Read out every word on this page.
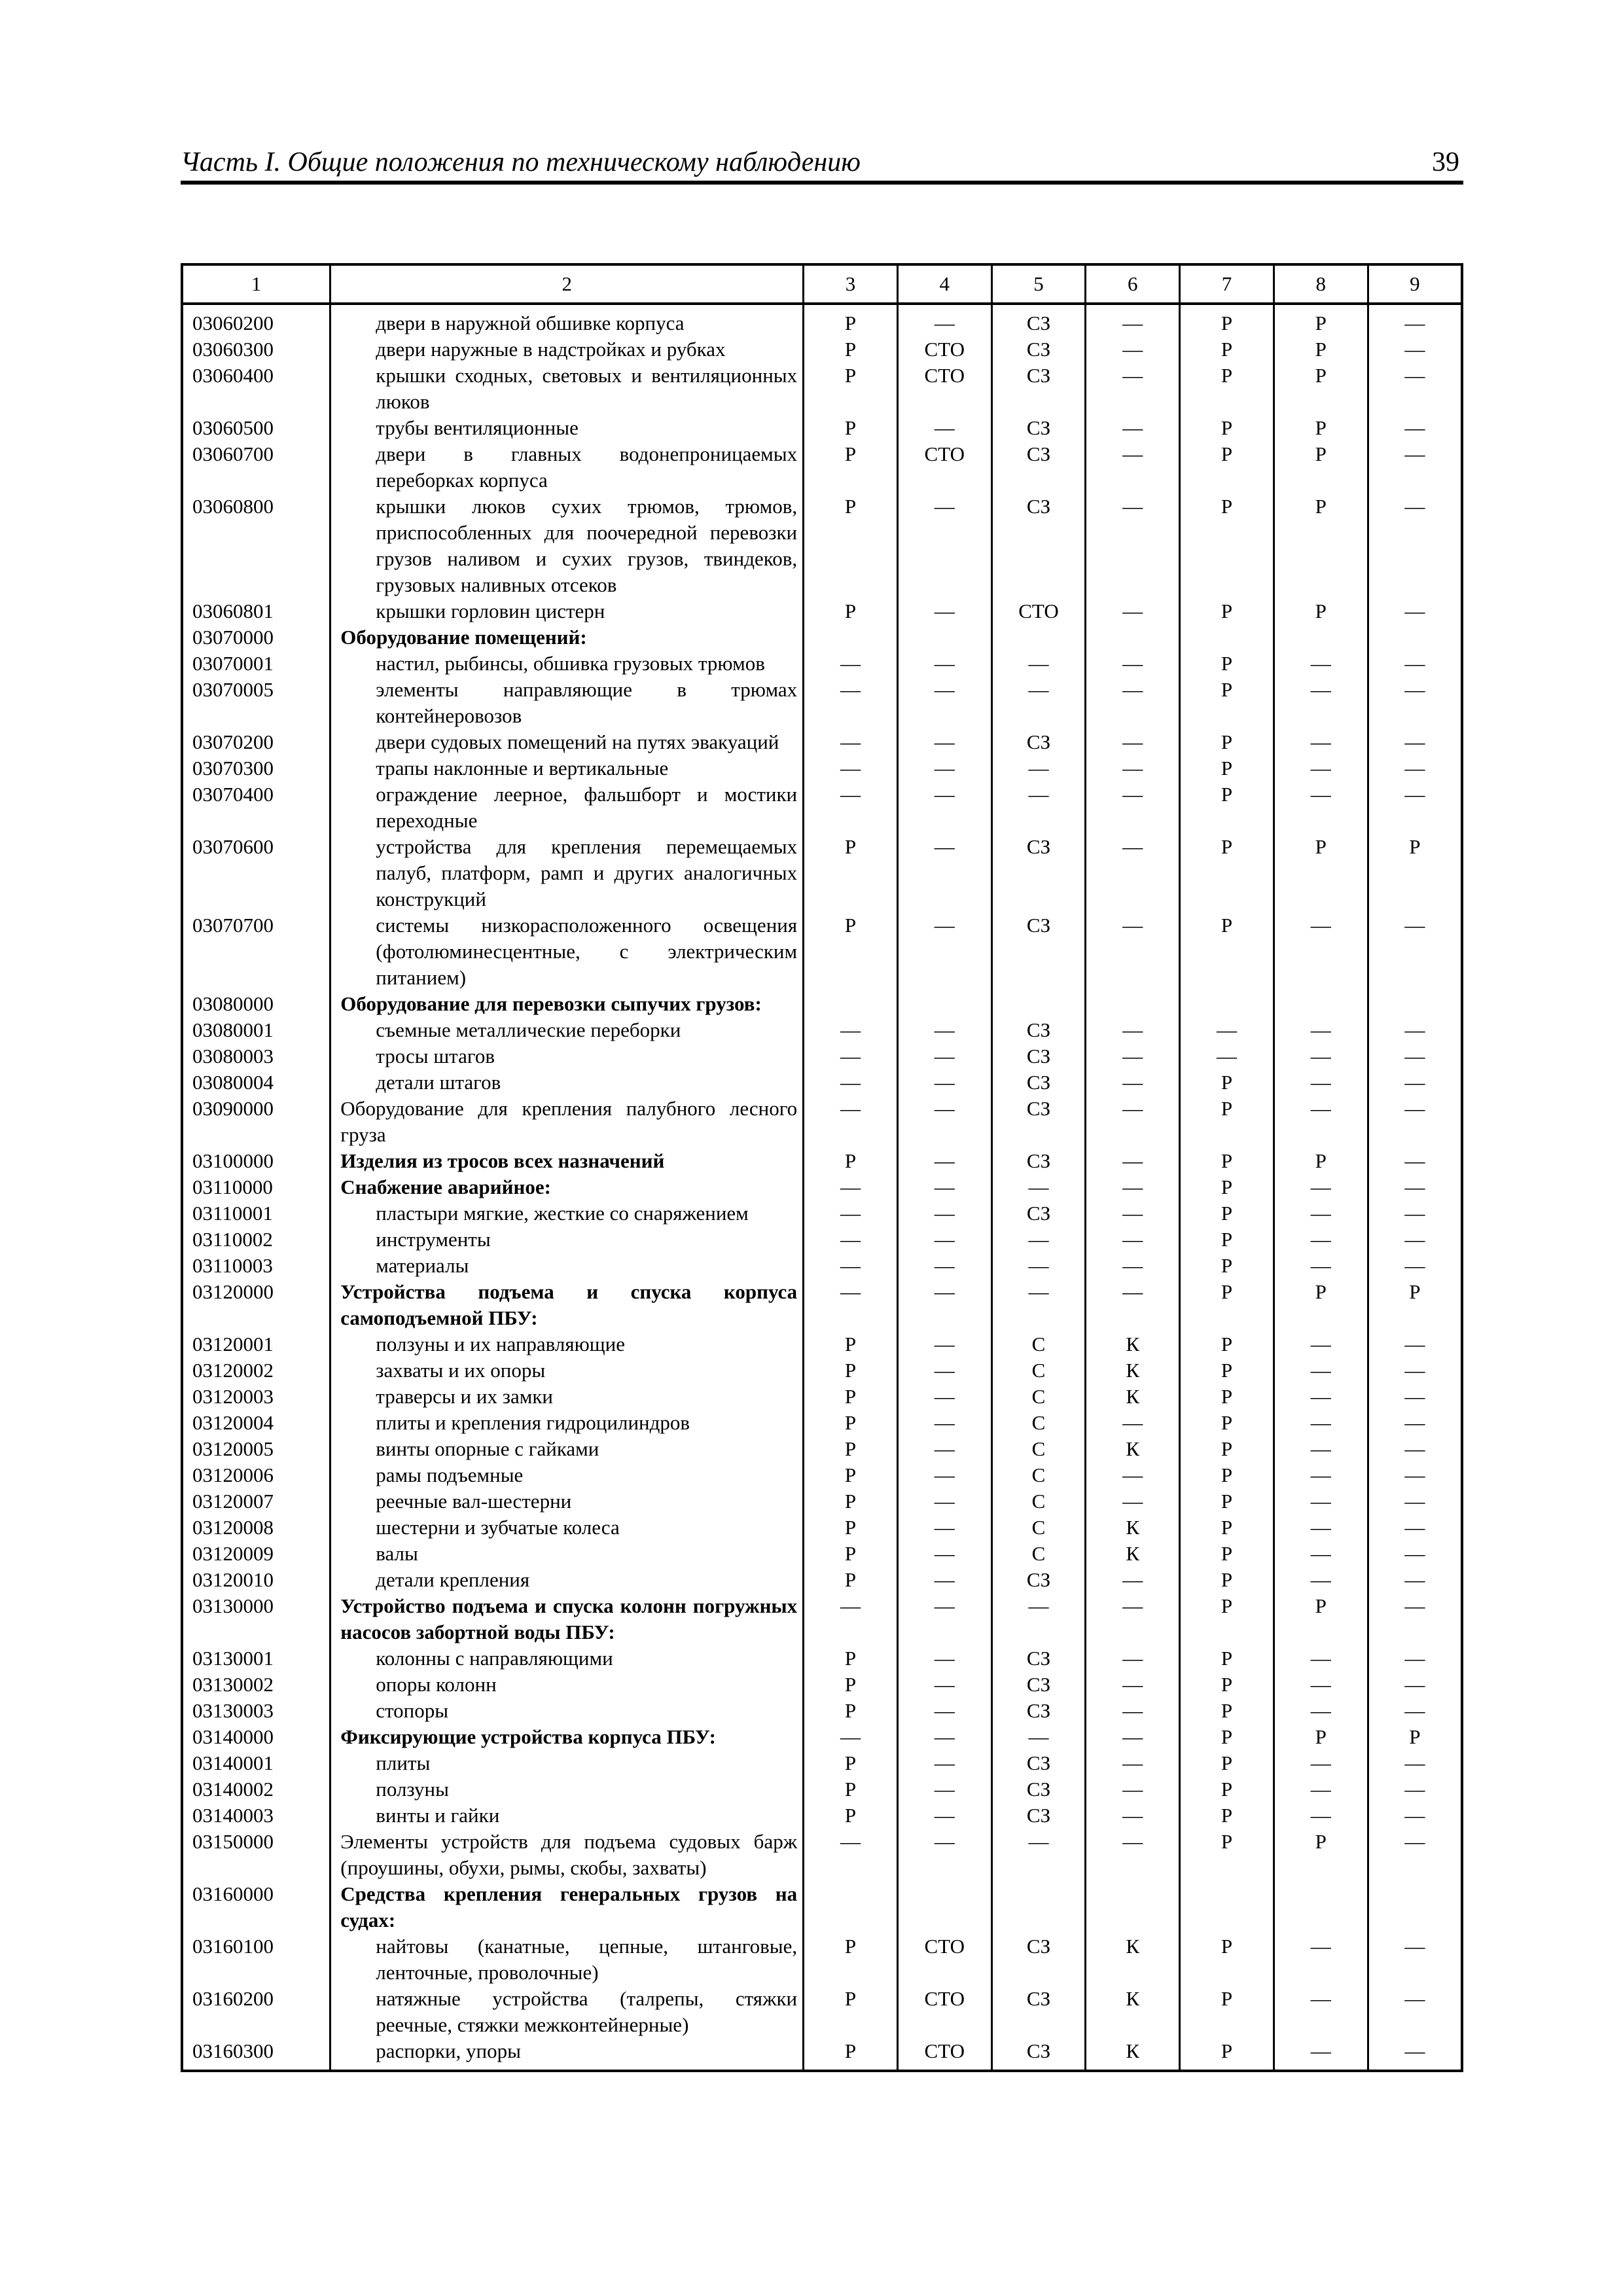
Часть I. Общие положения по техническому наблюдению	39
1	2	3	4	5	6	7	8	9
03060200	двери в наружной обшивке корпуса	Р	—	СЗ	—	Р	Р	—
03060300	двери наружные в надстройках и рубках	Р	СТО	СЗ	—	Р	Р	—
03060400	крышки сходных, световых и вентиляционных люков	Р	СТО	СЗ	—	Р	Р	—
03060500	трубы вентиляционные	Р	—	СЗ	—	Р	Р	—
03060700	двери в главных водонепроницаемых переборках корпуса	Р	СТО	СЗ	—	Р	Р	—
03060800	крышки люков сухих трюмов, трюмов, приспособленных для поочередной перевозки грузов наливом и сухих грузов, твиндеков, грузовых наливных отсеков	Р	—	СЗ	—	Р	Р	—
03060801	крышки горловин цистерн	Р	—	СТО	—	Р	Р	—
03070000	Оборудование помещений:							
03070001	настил, рыбинсы, обшивка грузовых трюмов	—	—	—	—	Р	—	—
03070005	элементы направляющие в трюмах контейнеровозов	—	—	—	—	Р	—	—
03070200	двери судовых помещений на путях эвакуаций	—	—	СЗ	—	Р	—	—
03070300	трапы наклонные и вертикальные	—	—	—	—	Р	—	—
03070400	ограждение леерное, фальшборт и мостики переходные	—	—	—	—	Р	—	—
03070600	устройства для крепления перемещаемых палуб, платформ, рамп и других аналогичных конструкций	Р	—	СЗ	—	Р	Р	Р
03070700	системы низкорасположенного освещения (фотолюминесцентные, с электрическим питанием)	Р	—	СЗ	—	Р	—	—
03080000	Оборудование для перевозки сыпучих грузов:							
03080001	съемные металлические переборки	—	—	СЗ	—	—	—	—
03080003	тросы штагов	—	—	СЗ	—	—	—	—
03080004	детали штагов	—	—	СЗ	—	Р	—	—
03090000	Оборудование для крепления палубного лесного груза	—	—	СЗ	—	Р	—	—
03100000	Изделия из тросов всех назначений	Р	—	СЗ	—	Р	Р	—
03110000	Снабжение аварийное:	—	—	—	—	Р	—	—
03110001	пластыри мягкие, жесткие со снаряжением	—	—	СЗ	—	Р	—	—
03110002	инструменты	—	—	—	—	Р	—	—
03110003	материалы	—	—	—	—	Р	—	—
03120000	Устройства подъема и спуска корпуса самоподъемной ПБУ:	—	—	—	—	Р	Р	Р
03120001	ползуны и их направляющие	Р	—	С	К	Р	—	—
03120002	захваты и их опоры	Р	—	С	К	Р	—	—
03120003	траверсы и их замки	Р	—	С	К	Р	—	—
03120004	плиты и крепления гидроцилиндров	Р	—	С	—	Р	—	—
03120005	винты опорные с гайками	Р	—	С	К	Р	—	—
03120006	рамы подъемные	Р	—	С	—	Р	—	—
03120007	реечные вал-шестерни	Р	—	С	—	Р	—	—
03120008	шестерни и зубчатые колеса	Р	—	С	К	Р	—	—
03120009	валы	Р	—	С	К	Р	—	—
03120010	детали крепления	Р	—	СЗ	—	Р	—	—
03130000	Устройство подъема и спуска колонн погружных насосов забортной воды ПБУ:	—	—	—	—	Р	Р	—
03130001	колонны с направляющими	Р	—	СЗ	—	Р	—	—
03130002	опоры колонн	Р	—	СЗ	—	Р	—	—
03130003	стопоры	Р	—	СЗ	—	Р	—	—
03140000	Фиксирующие устройства корпуса ПБУ:	—	—	—	—	Р	Р	Р
03140001	плиты	Р	—	СЗ	—	Р	—	—
03140002	ползуны	Р	—	СЗ	—	Р	—	—
03140003	винты и гайки	Р	—	СЗ	—	Р	—	—
03150000	Элементы устройств для подъема судовых барж (проушины, обухи, рымы, скобы, захваты)	—	—	—	—	Р	Р	—
03160000	Средства крепления генеральных грузов на судах:							
03160100	найтовы (канатные, цепные, штанговые, ленточные, проволочные)	Р	СТО	СЗ	К	Р	—	—
03160200	натяжные устройства (талрепы, стяжки реечные, стяжки межконтейнерные)	Р	СТО	СЗ	К	Р	—	—
03160300	распорки, упоры	Р	СТО	СЗ	К	Р	—	—
